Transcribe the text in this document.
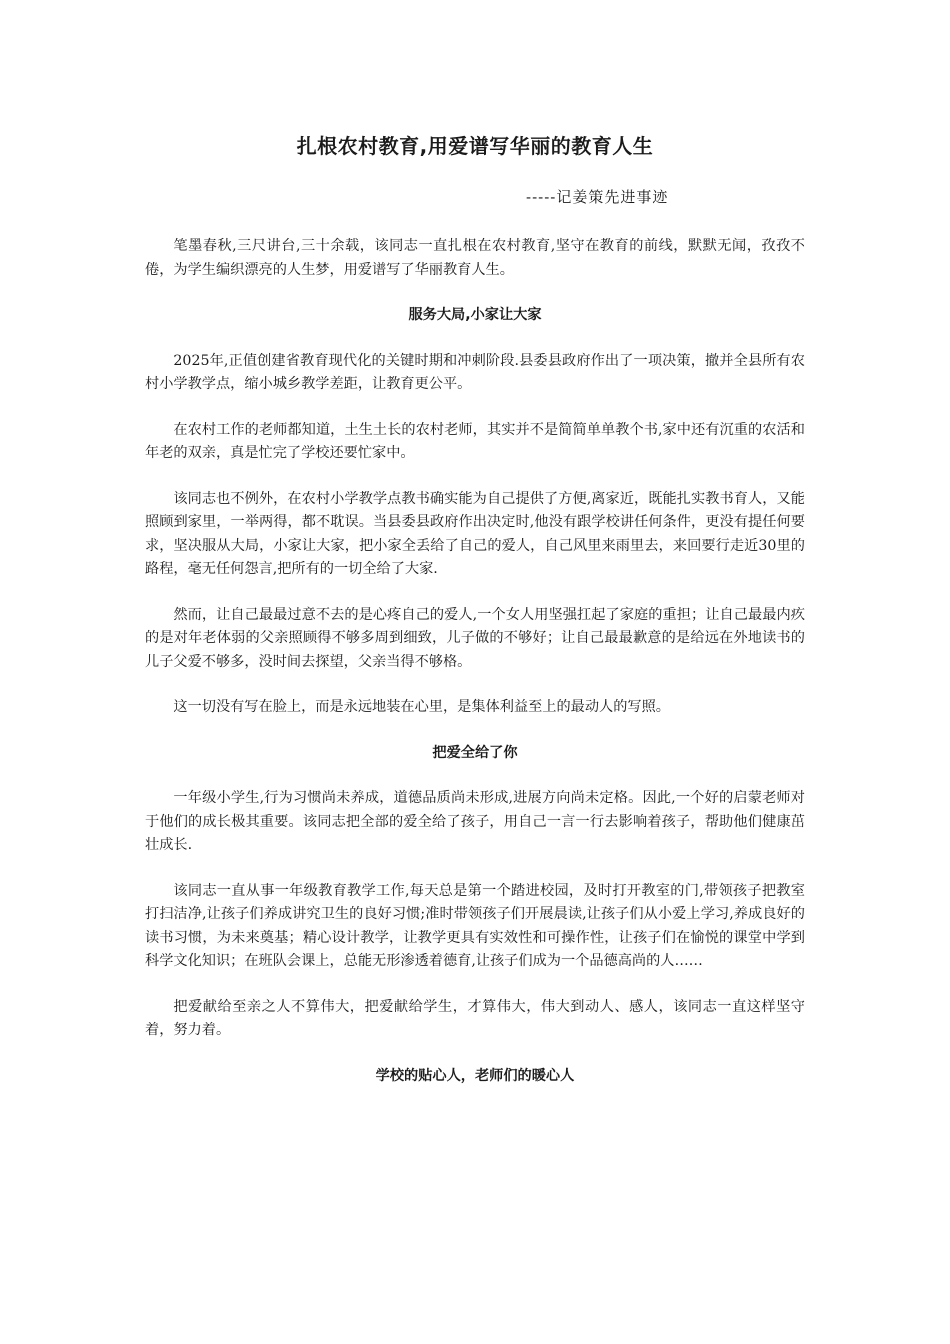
扎根农村教育,用爱谱写华丽的教育人生
-----记姜策先进事迹

笔墨春秋,三尺讲台,三十余载，该同志一直扎根在农村教育,坚守在教育的前线，默默无闻，孜孜不倦，为学生编织漂亮的人生梦，用爱谱写了华丽教育人生。

服务大局,小家让大家

2025年,正值创建省教育现代化的关键时期和冲刺阶段.县委县政府作出了一项决策，撤并全县所有农村小学教学点，缩小城乡教学差距，让教育更公平。

在农村工作的老师都知道，土生土长的农村老师，其实并不是简简单单教个书,家中还有沉重的农活和年老的双亲，真是忙完了学校还要忙家中。

该同志也不例外，在农村小学教学点教书确实能为自己提供了方便,离家近，既能扎实教书育人，又能照顾到家里，一举两得，都不耽误。当县委县政府作出决定时,他没有跟学校讲任何条件，更没有提任何要求，坚决服从大局，小家让大家，把小家全丢给了自己的爱人，自己风里来雨里去，来回要行走近30里的路程，毫无任何怨言,把所有的一切全给了大家.

然而，让自己最最过意不去的是心疼自己的爱人,一个女人用坚强扛起了家庭的重担；让自己最最内疚的是对年老体弱的父亲照顾得不够多周到细致，儿子做的不够好；让自己最最歉意的是给远在外地读书的儿子父爱不够多，没时间去探望，父亲当得不够格。

这一切没有写在脸上，而是永远地装在心里，是集体利益至上的最动人的写照。

把爱全给了你

一年级小学生,行为习惯尚未养成，道德品质尚未形成,进展方向尚未定格。因此,一个好的启蒙老师对于他们的成长极其重要。该同志把全部的爱全给了孩子，用自己一言一行去影响着孩子，帮助他们健康茁壮成长.

该同志一直从事一年级教育教学工作,每天总是第一个踏进校园，及时打开教室的门,带领孩子把教室打扫洁净,让孩子们养成讲究卫生的良好习惯;准时带领孩子们开展晨读,让孩子们从小爱上学习,养成良好的读书习惯，为未来奠基；精心设计教学，让教学更具有实效性和可操作性，让孩子们在愉悦的课堂中学到科学文化知识；在班队会课上，总能无形渗透着德育,让孩子们成为一个品德高尚的人……

把爱献给至亲之人不算伟大，把爱献给学生，才算伟大，伟大到动人、感人，该同志一直这样坚守着，努力着。

学校的贴心人，老师们的暖心人
